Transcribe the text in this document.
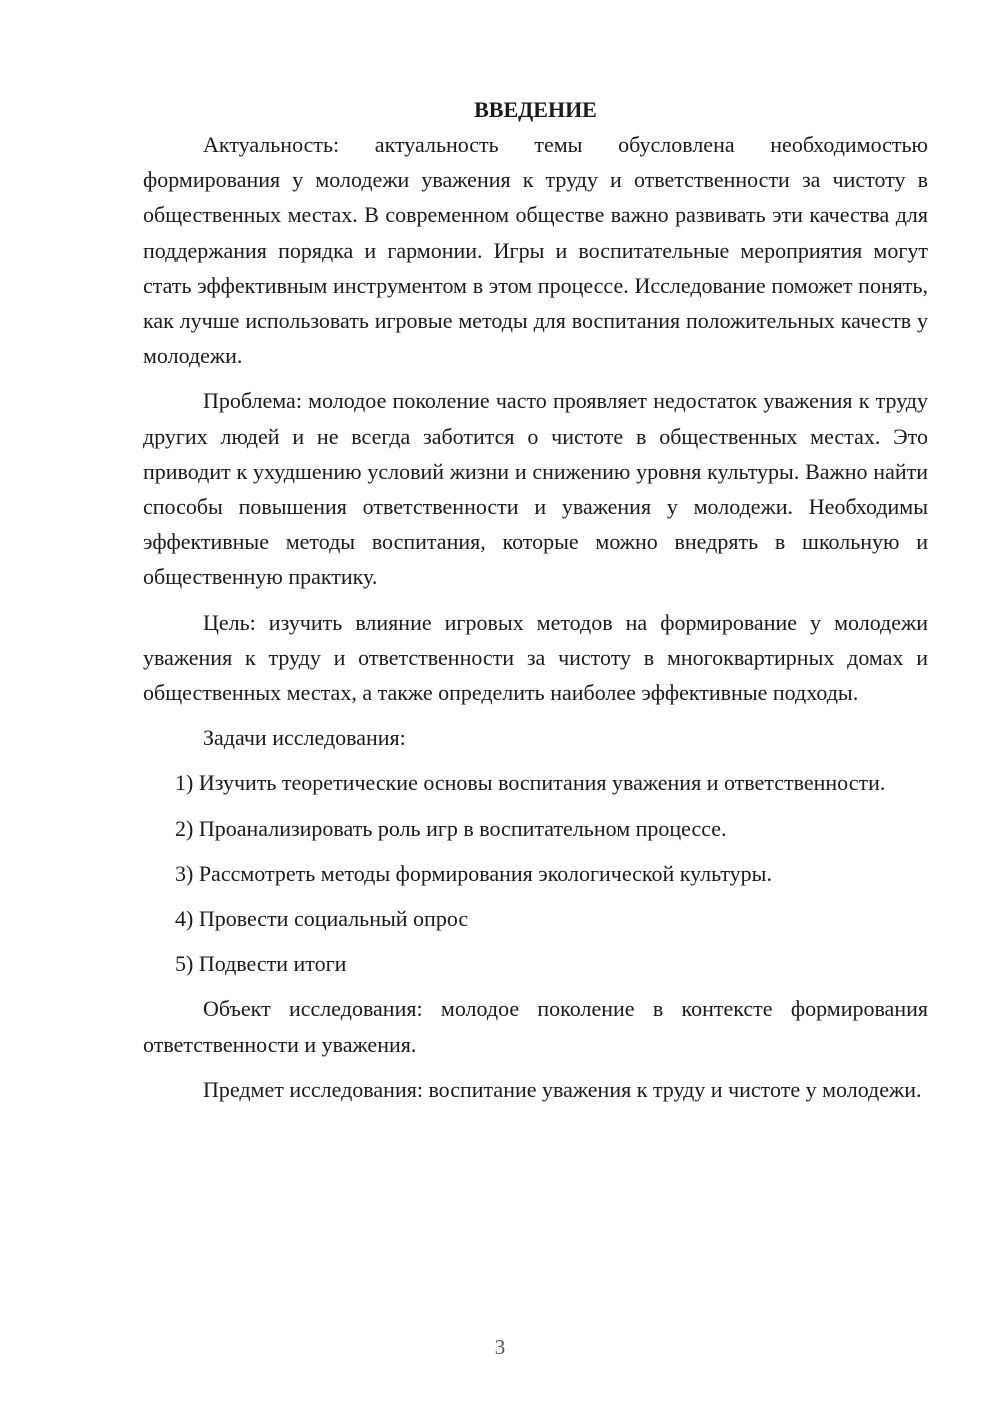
ВВЕДЕНИЕ

Актуальность: актуальность темы обусловлена необходимостью формирования у молодежи уважения к труду и ответственности за чистоту в общественных местах. В современном обществе важно развивать эти качества для поддержания порядка и гармонии. Игры и воспитательные мероприятия могут стать эффективным инструментом в этом процессе. Исследование поможет понять, как лучше использовать игровые методы для воспитания положительных качеств у молодежи.

Проблема: молодое поколение часто проявляет недостаток уважения к труду других людей и не всегда заботится о чистоте в общественных местах. Это приводит к ухудшению условий жизни и снижению уровня культуры. Важно найти способы повышения ответственности и уважения у молодежи. Необходимы эффективные методы воспитания, которые можно внедрять в школьную и общественную практику.

Цель: изучить влияние игровых методов на формирование у молодежи уважения к труду и ответственности за чистоту в многоквартирных домах и общественных местах, а также определить наиболее эффективные подходы.

Задачи исследования:

1) Изучить теоретические основы воспитания уважения и ответственности.

2) Проанализировать роль игр в воспитательном процессе.

3) Рассмотреть методы формирования экологической культуры.

4) Провести социальный опрос

5) Подвести итоги

Объект исследования: молодое поколение в контексте формирования ответственности и уважения.

Предмет исследования: воспитание уважения к труду и чистоте у молодежи.

3
